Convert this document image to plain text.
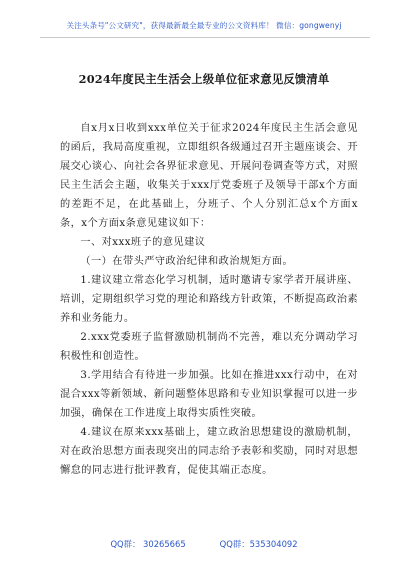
关注头条号"公文研究"，获得最新最全最专业的公文资料库！ 微信：gongwenyj
2024年度民主生活会上级单位征求意见反馈清单

自x月x日收到xxx单位关于征求2024年度民主生活会意见的函后，我局高度重视，立即组织各级通过召开主题座谈会、开展交心谈心、向社会各界征求意见、开展问卷调查等方式，对照民主生活会主题，收集关于xxx厅党委班子及领导干部x个方面的差距不足，在此基础上，分班子、个人分别汇总x个方面x条，x个方面x条意见建议如下：

一、对xxx班子的意见建议

（一）在带头严守政治纪律和政治规矩方面。

1.建议建立常态化学习机制，适时邀请专家学者开展讲座、培训，定期组织学习党的理论和路线方针政策，不断提高政治素养和业务能力。

2.xxx党委班子监督激励机制尚不完善，难以充分调动学习积极性和创造性。

3.学用结合有待进一步加强。比如在推进xxx行动中，在对混合xxx等新领域、新问题整体思路和专业知识掌握可以进一步加强，确保在工作进度上取得实质性突破。

4.建议在原来xxx基础上，建立政治思想建设的激励机制，对在政治思想方面表现突出的同志给予表彰和奖励，同时对思想懈怠的同志进行批评教育，促使其端正态度。

QQ群： 30265665	QQ群：535304092
